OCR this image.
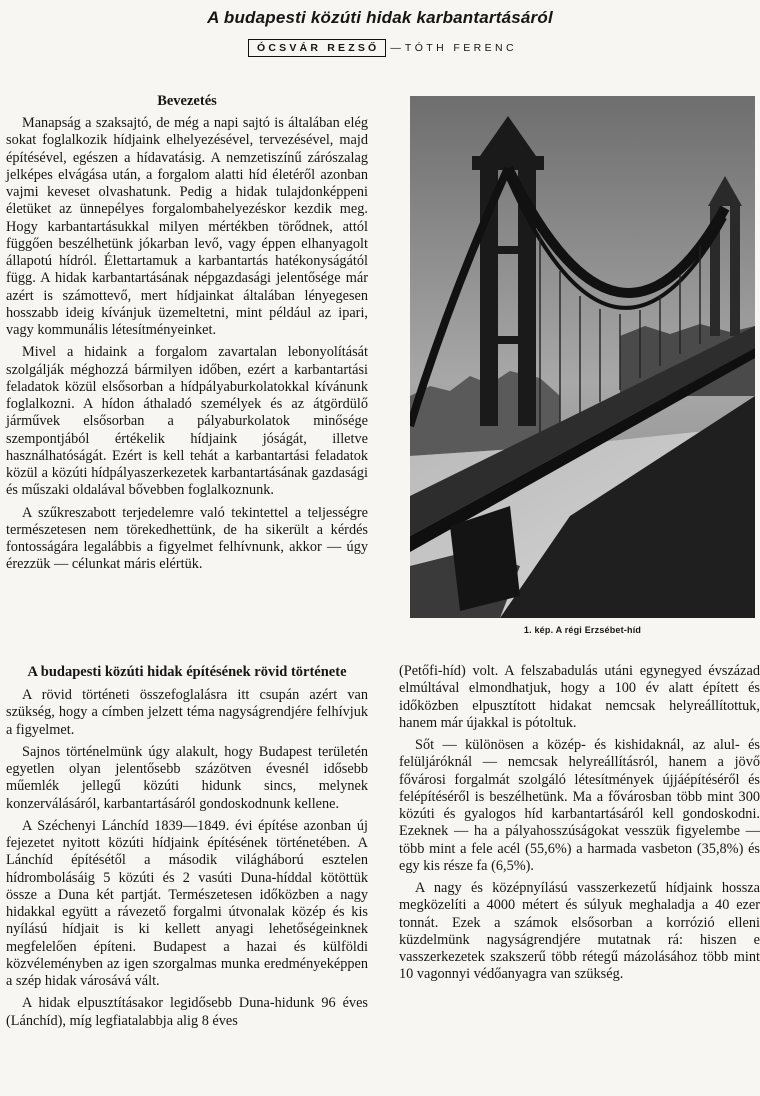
A budapesti közúti hidak karbantartásáról
ÓCSVÁR REZSŐ	— TÓTH FERENC

Bevezetés

Manapság a szaksajtó, de még a napi sajtó is általában elég sokat foglalkozik hídjaink elhelyezésével, tervezésével, majd építésével, egészen a hídavatásig. A nemzetiszínű zárószalag jelképes elvágása után, a forgalom alatti híd életéről azonban vajmi keveset olvashatunk. Pedig a hidak tulajdonképpeni életüket az ünnepélyes forgalombahelyezéskor kezdik meg. Hogy karbantartásukkal milyen mértékben törődnek, attól függően beszélhetünk jókarban levő, vagy éppen elhanyagolt állapotú hídról. Élettartamuk a karbantartás hatékonyságától függ. A hidak karbantartásának népgazdasági jelentősége már azért is számottevő, mert hídjainkat általában lényegesen hosszabb ideig kívánjuk üzemeltetni, mint például az ipari, vagy kommunális létesítményeinket.

Mivel a hidaink a forgalom zavartalan lebonyolítását szolgálják méghozzá bármilyen időben, ezért a karbantartási feladatok közül elsősorban a hídpályaburkolatokkal kívánunk foglalkozni. A hídon áthaladó személyek és az átgördülő járművek elsősorban a pályaburkolatok minősége szempontjából értékelik hídjaink jóságát, illetve használhatóságát. Ezért is kell tehát a karbantartási feladatok közül a közúti hídpályaszerkezetek karbantartásának gazdasági és műszaki oldalával bővebben foglalkoznunk.

A szűkreszabott terjedelemre való tekintettel a teljességre természetesen nem törekedhettünk, de ha sikerült a kérdés fontosságára legalábbis a figyelmet felhívnunk, akkor — úgy érezzük — célunkat máris elértük.

A budapesti közúti hidak építésének rövid története

A rövid történeti összefoglalásra itt csupán azért van szükség, hogy a címben jelzett téma nagyságrendjére felhívjuk a figyelmet.

Sajnos történelmünk úgy alakult, hogy Budapest területén egyetlen olyan jelentősebb százötven évesnél idősebb műemlék jellegű közúti hidunk sincs, melynek konzerválásáról, karbantartásáról gondoskodnunk kellene.

A Széchenyi Lánchíd 1839—1849. évi építése azonban új fejezetet nyitott közúti hídjaink építésének történetében. A Lánchíd építésétől a második világháború esztelen hídrombolásáig 5 közúti és 2 vasúti Duna-híddal kötöttük össze a Duna két partját. Természetesen időközben a nagy hidakkal együtt a rávezető forgalmi útvonalak közép és kis nyílású hídjait is ki kellett anyagi lehetőségeinknek megfelelően építeni. Budapest a hazai és külföldi közvéleményben az igen szorgalmas munka eredményeképpen a szép hidak városává vált.

A hidak elpusztításakor legidősebb Duna-hidunk 96 éves (Lánchíd), míg legfiatalabbja alig 8 éves

(Petőfi-híd) volt. A felszabadulás utáni egynegyed évszázad elmúltával elmondhatjuk, hogy a 100 év alatt épített és időközben elpusztított hidakat nemcsak helyreállítottuk, hanem már újakkal is pótoltuk.

Sőt — különösen a közép- és kishidaknál, az alul- és felüljáróknál — nemcsak helyreállításról, hanem a jövő fővárosi forgalmát szolgáló létesítmények újjáépítéséről és felépítéséről is beszélhetünk. Ma a fővárosban több mint 300 közúti és gyalogos híd karbantartásáról kell gondoskodni. Ezeknek — ha a pályahosszúságokat vesszük figyelembe — több mint a fele acél (55,6%) a harmada vasbeton (35,8%) és egy kis része fa (6,5%).

A nagy és középnyílású vasszerkezetű hídjaink hossza megközelíti a 4000 métert és súlyuk meghaladja a 40 ezer tonnát. Ezek a számok elsősorban a korrózió elleni küzdelmünk nagyságrendjére mutatnak rá: hiszen e vasszerkezetek szakszerű több rétegű mázolásához több mint 10 vagonnyi védőanyagra van szükség.

1. kép. A régi Erzsébet-híd
